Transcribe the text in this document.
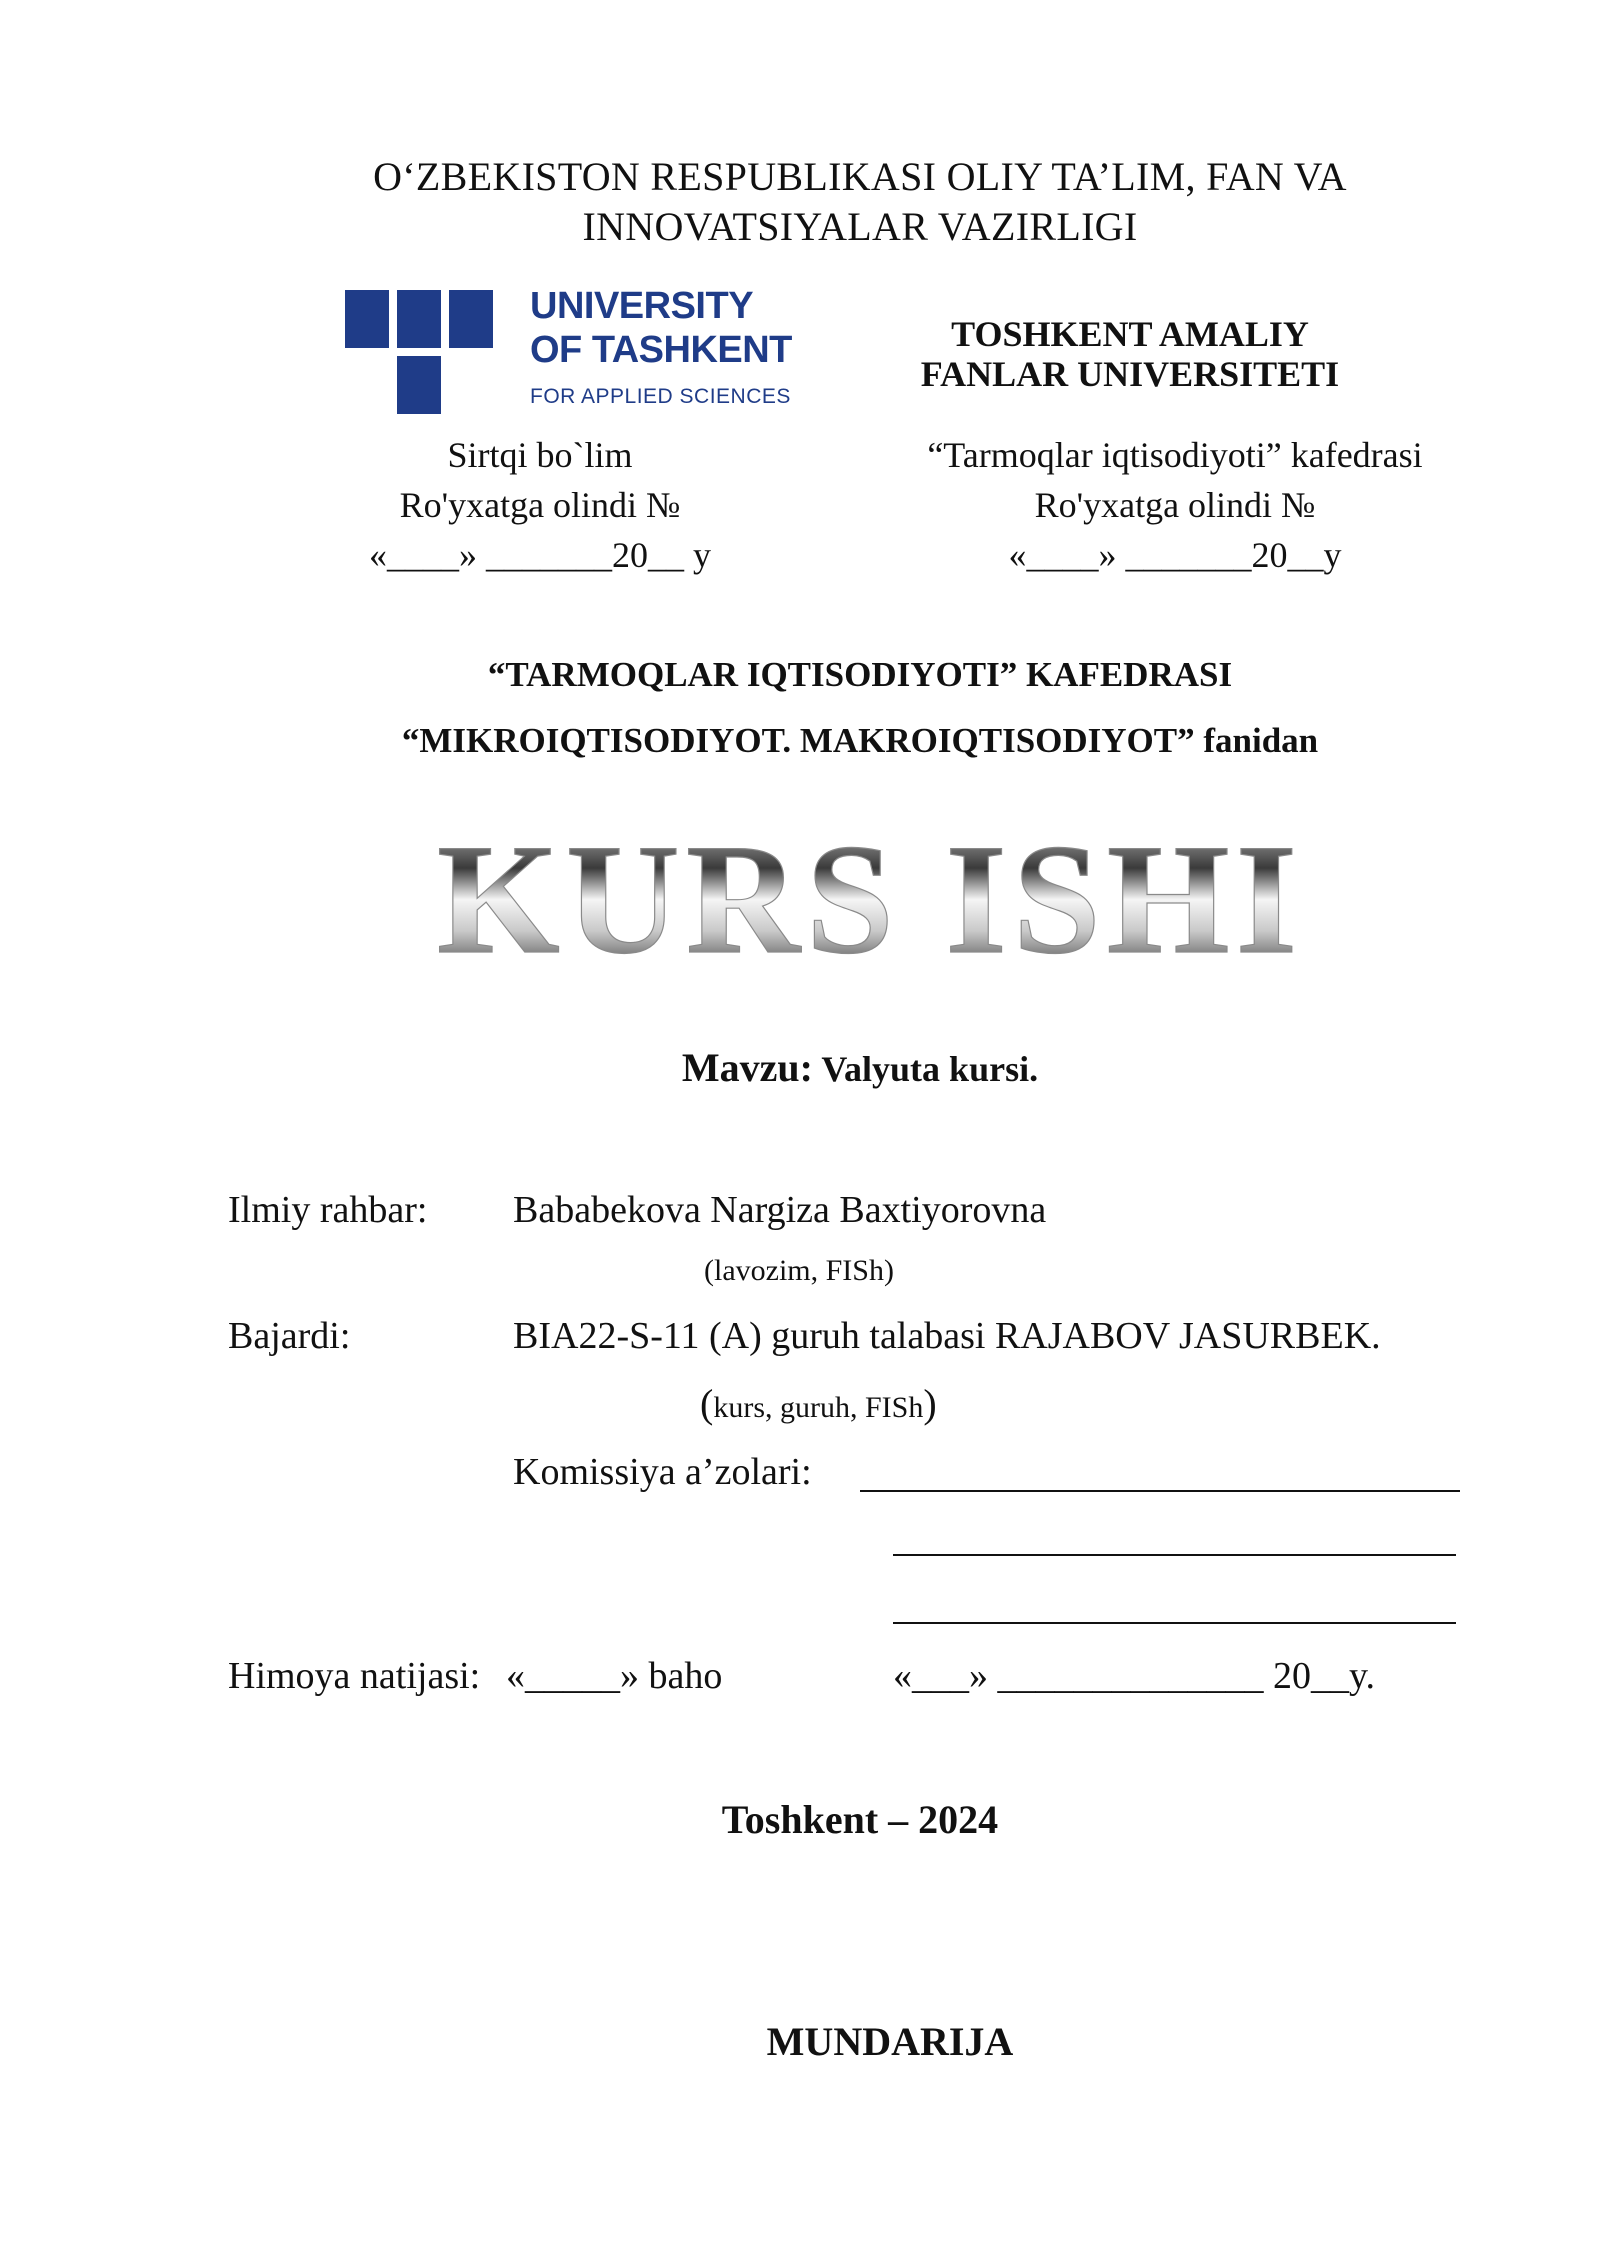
O‘ZBEKISTON RESPUBLIKASI OLIY TA’LIM, FAN VA
INNOVATSIYALAR VAZIRLIGI
UNIVERSITY
OF TASHKENT
FOR APPLIED SCIENCES
TOSHKENT AMALIY
FANLAR UNIVERSITETI
Sirtqi bo`lim
Ro'yxatga olindi №
«____» _______20__ y
“Tarmoqlar iqtisodiyoti” kafedrasi
Ro'yxatga olindi №
«____» _______20__y
“TARMOQLAR IQTISODIYOTI” KAFEDRASI
“MIKROIQTISODIYOT. MAKROIQTISODIYOT” fanidan
KURS ISHI
Mavzu: Valyuta kursi.
Ilmiy rahbar: Bababekova Nargiza Baxtiyorovna
(lavozim, FISh)
Bajardi:	BIA22-S-11 (A) guruh talabasi RAJABOV JASURBEK.
(kurs, guruh, FISh)
Komissiya a’zolari:
Himoya natijasi: «_____» baho	«___» ______________ 20__y.
Toshkent – 2024
MUNDARIJA
